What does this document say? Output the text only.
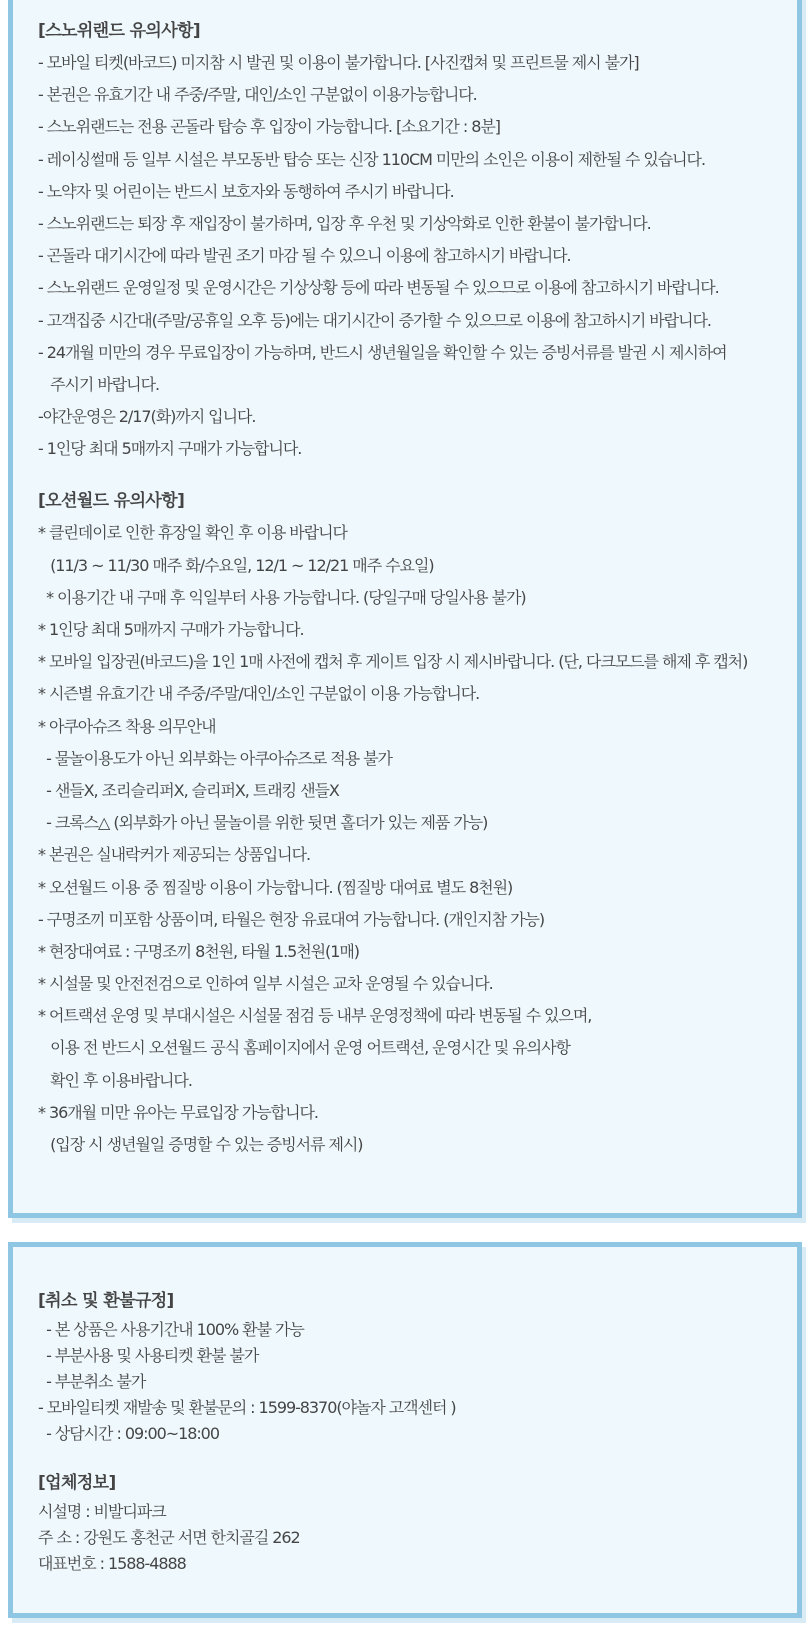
[스노위랜드 유의사항]
- 모바일 티켓(바코드) 미지참 시 발권 및 이용이 불가합니다. [사진캡쳐 및 프린트물 제시 불가]
- 본권은 유효기간 내 주중/주말, 대인/소인 구분없이 이용가능합니다.
- 스노위랜드는 전용 곤돌라 탑승 후 입장이 가능합니다. [소요기간 : 8분]
- 레이싱썰매 등 일부 시설은 부모동반 탑승 또는 신장 110CM 미만의 소인은 이용이 제한될 수 있습니다.
- 노약자 및 어린이는 반드시 보호자와 동행하여 주시기 바랍니다.
- 스노위랜드는 퇴장 후 재입장이 불가하며, 입장 후 우천 및 기상악화로 인한 환불이 불가합니다.
- 곤돌라 대기시간에 따라 발권 조기 마감 될 수 있으니 이용에 참고하시기 바랍니다.
- 스노위랜드 운영일정 및 운영시간은 기상상황 등에 따라 변동될 수 있으므로 이용에 참고하시기 바랍니다.
- 고객집중 시간대(주말/공휴일 오후 등)에는 대기시간이 증가할 수 있으므로 이용에 참고하시기 바랍니다.
- 24개월 미만의 경우 무료입장이 가능하며, 반드시 생년월일을 확인할 수 있는 증빙서류를 발권 시 제시하여
주시기 바랍니다.
-야간운영은 2/17(화)까지 입니다.
- 1인당 최대 5매까지 구매가 가능합니다.
[오션월드 유의사항]
* 클린데이로 인한 휴장일 확인 후 이용 바랍니다
(11/3 ~ 11/30 매주 화/수요일, 12/1 ~ 12/21 매주 수요일)
* 이용기간 내 구매 후 익일부터 사용 가능합니다. (당일구매 당일사용 불가)
* 1인당 최대 5매까지 구매가 가능합니다.
* 모바일 입장권(바코드)을 1인 1매 사전에 캡처 후 게이트 입장 시 제시바랍니다. (단, 다크모드를 해제 후 캡처)
* 시즌별 유효기간 내 주중/주말/대인/소인 구분없이 이용 가능합니다.
* 아쿠아슈즈 착용 의무안내
- 물놀이용도가 아닌 외부화는 아쿠아슈즈로 적용 불가
- 샌들X, 조리슬리퍼X, 슬리퍼X, 트래킹 샌들X
- 크록스△ (외부화가 아닌 물놀이를 위한 뒷면 홀더가 있는 제품 가능)
* 본권은 실내락커가 제공되는 상품입니다.
* 오션월드 이용 중 찜질방 이용이 가능합니다. (찜질방 대여료 별도 8천원)
- 구명조끼 미포함 상품이며, 타월은 현장 유료대여 가능합니다. (개인지참 가능)
* 현장대여료 : 구명조끼 8천원, 타월 1.5천원(1매)
* 시설물 및 안전전검으로 인하여 일부 시설은 교차 운영될 수 있습니다.
* 어트랙션 운영 및 부대시설은 시설물 점검 등 내부 운영정책에 따라 변동될 수 있으며,
이용 전 반드시 오션월드 공식 홈페이지에서 운영 어트랙션, 운영시간 및 유의사항
확인 후 이용바랍니다.
* 36개월 미만 유아는 무료입장 가능합니다.
(입장 시 생년월일 증명할 수 있는 증빙서류 제시)
[취소 및 환불규정]
- 본 상품은 사용기간내 100% 환불 가능
- 부분사용 및 사용티켓 환불 불가
- 부분취소 불가
- 모바일티켓 재발송 및 환불문의 : 1599-8370(야놀자 고객센터 )
- 상담시간 : 09:00~18:00
[업체정보]
시설명 : 비발디파크
주 소 : 강원도 홍천군 서면 한치골길 262
대표번호 : 1588-4888
